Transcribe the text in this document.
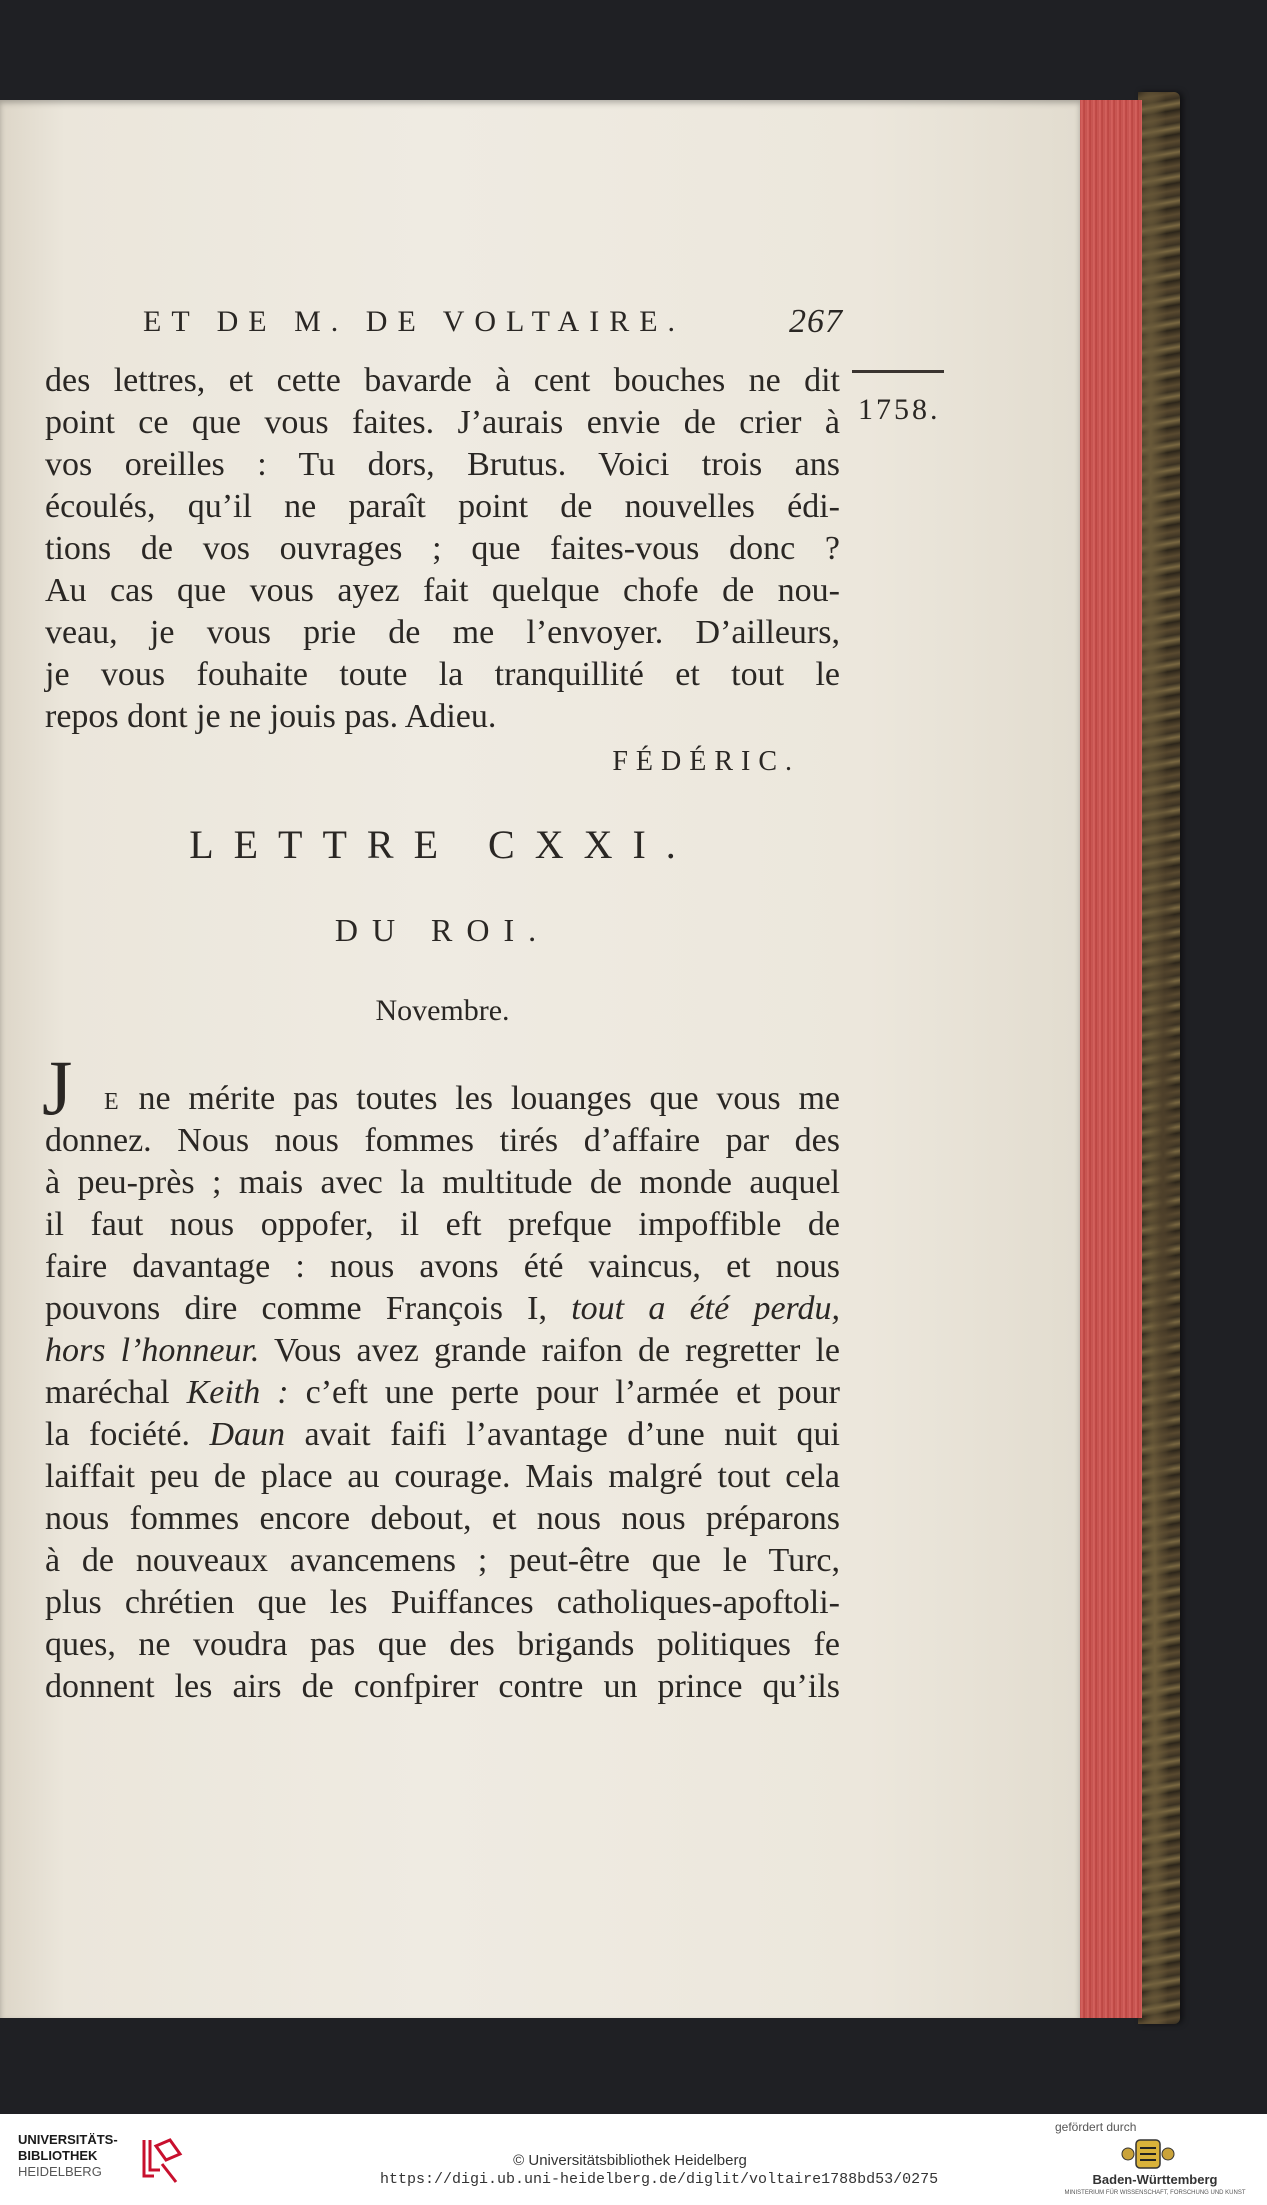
ET DE M. DE VOLTAIRE.	267
1758.
des lettres, et cette bavarde à cent bouches ne dit
point ce que vous faites. J’aurais envie de crier à
vos oreilles : Tu dors, Brutus. Voici trois ans
écoulés, qu’il ne paraît point de nouvelles édi-
tions de vos ouvrages ; que faites-vous donc ?
Au cas que vous ayez fait quelque chofe de nou-
veau, je vous prie de me l’envoyer. D’ailleurs,
je vous fouhaite toute la tranquillité et tout le
repos dont je ne jouis pas. Adieu.
FÉDÉRIC.
LETTRE CXXI.
DU ROI.
Novembre.
J E ne mérite pas toutes les louanges que vous me
donnez. Nous nous fommes tirés d’affaire par des
à peu-près ; mais avec la multitude de monde auquel
il faut nous oppofer, il eft prefque impoffible de
faire davantage : nous avons été vaincus, et nous
pouvons dire comme François I, tout a été perdu,
hors l’honneur. Vous avez grande raifon de regretter le
maréchal Keith : c’eft une perte pour l’armée et pour
la fociété. Daun avait faifi l’avantage d’une nuit qui
laiffait peu de place au courage. Mais malgré tout cela
nous fommes encore debout, et nous nous préparons
à de nouveaux avancemens ; peut-être que le Turc,
plus chrétien que les Puiffances catholiques-apoftoli-
ques, ne voudra pas que des brigands politiques fe
donnent les airs de confpirer contre un prince qu’ils

UNIVERSITÄTS-

BIBLIOTHEK

HEIDELBERG

© Universitätsbibliothek Heidelberg
https://digi.ub.uni-heidelberg.de/diglit/voltaire1788bd53/0275
gefördert durch
Baden-Württemberg
MINISTERIUM FÜR WISSENSCHAFT, FORSCHUNG UND KUNST
